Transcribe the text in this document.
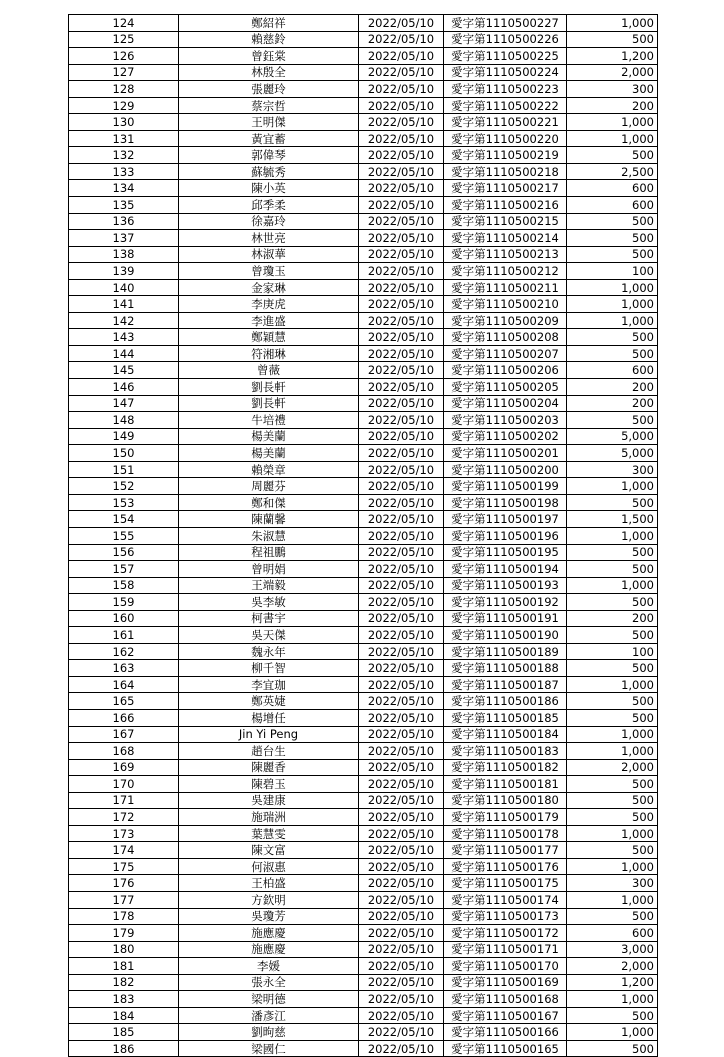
124	鄭紹祥	2022/05/10	愛字第1110500227	1,000
125	賴慈鈴	2022/05/10	愛字第1110500226	500
126	曾鈺棠	2022/05/10	愛字第1110500225	1,200
127	林殷全	2022/05/10	愛字第1110500224	2,000
128	張麗玲	2022/05/10	愛字第1110500223	300
129	蔡宗哲	2022/05/10	愛字第1110500222	200
130	王明傑	2022/05/10	愛字第1110500221	1,000
131	黃宜蓄	2022/05/10	愛字第1110500220	1,000
132	郭偉琴	2022/05/10	愛字第1110500219	500
133	蘇毓秀	2022/05/10	愛字第1110500218	2,500
134	陳小英	2022/05/10	愛字第1110500217	600
135	邱季柔	2022/05/10	愛字第1110500216	600
136	徐嘉玲	2022/05/10	愛字第1110500215	500
137	林世亮	2022/05/10	愛字第1110500214	500
138	林淑華	2022/05/10	愛字第1110500213	500
139	曾瓊玉	2022/05/10	愛字第1110500212	100
140	金家琳	2022/05/10	愛字第1110500211	1,000
141	李庚虎	2022/05/10	愛字第1110500210	1,000
142	李進盛	2022/05/10	愛字第1110500209	1,000
143	鄭穎慧	2022/05/10	愛字第1110500208	500
144	符湘琳	2022/05/10	愛字第1110500207	500
145	曾薇	2022/05/10	愛字第1110500206	600
146	劉長軒	2022/05/10	愛字第1110500205	200
147	劉長軒	2022/05/10	愛字第1110500204	200
148	牛培禮	2022/05/10	愛字第1110500203	500
149	楊美蘭	2022/05/10	愛字第1110500202	5,000
150	楊美蘭	2022/05/10	愛字第1110500201	5,000
151	賴榮章	2022/05/10	愛字第1110500200	300
152	周麗芬	2022/05/10	愛字第1110500199	1,000
153	鄭和傑	2022/05/10	愛字第1110500198	500
154	陳蘭馨	2022/05/10	愛字第1110500197	1,500
155	朱淑慧	2022/05/10	愛字第1110500196	1,000
156	程祖鵬	2022/05/10	愛字第1110500195	500
157	曾明娟	2022/05/10	愛字第1110500194	500
158	王端毅	2022/05/10	愛字第1110500193	1,000
159	吳李敏	2022/05/10	愛字第1110500192	500
160	柯書宇	2022/05/10	愛字第1110500191	200
161	吳天傑	2022/05/10	愛字第1110500190	500
162	魏永年	2022/05/10	愛字第1110500189	100
163	柳千智	2022/05/10	愛字第1110500188	500
164	李宜珈	2022/05/10	愛字第1110500187	1,000
165	鄭英婕	2022/05/10	愛字第1110500186	500
166	楊增任	2022/05/10	愛字第1110500185	500
167	Jin Yi Peng	2022/05/10	愛字第1110500184	1,000
168	趙台生	2022/05/10	愛字第1110500183	1,000
169	陳麗香	2022/05/10	愛字第1110500182	2,000
170	陳碧玉	2022/05/10	愛字第1110500181	500
171	吳建康	2022/05/10	愛字第1110500180	500
172	施瑞洲	2022/05/10	愛字第1110500179	500
173	葉慧雯	2022/05/10	愛字第1110500178	1,000
174	陳文富	2022/05/10	愛字第1110500177	500
175	何淑惠	2022/05/10	愛字第1110500176	1,000
176	王柏盛	2022/05/10	愛字第1110500175	300
177	方欽明	2022/05/10	愛字第1110500174	1,000
178	吳瓊芳	2022/05/10	愛字第1110500173	500
179	施應慶	2022/05/10	愛字第1110500172	600
180	施應慶	2022/05/10	愛字第1110500171	3,000
181	李媛	2022/05/10	愛字第1110500170	2,000
182	張永全	2022/05/10	愛字第1110500169	1,200
183	梁明德	2022/05/10	愛字第1110500168	1,000
184	潘彥江	2022/05/10	愛字第1110500167	500
185	劉昫慈	2022/05/10	愛字第1110500166	1,000
186	梁國仁	2022/05/10	愛字第1110500165	500
